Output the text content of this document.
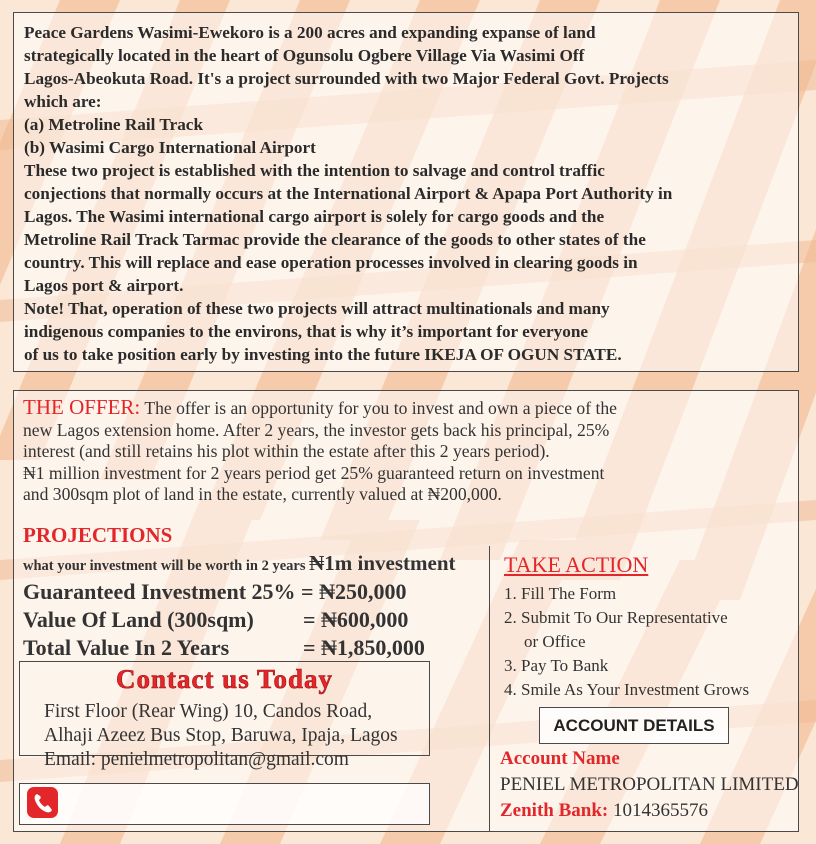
Peace Gardens Wasimi-Ewekoro is a 200 acres and expanding expanse of land

strategically located in the heart of Ogunsolu Ogbere Village Via Wasimi Off

Lagos-Abeokuta Road. It's a project surrounded with two Major Federal Govt. Projects

which are:

(a) Metroline Rail Track

(b) Wasimi Cargo International Airport

These two project is established with the intention to salvage and control traffic

conjections that normally occurs at the International Airport & Apapa Port Authority in

Lagos. The Wasimi international cargo airport is solely for cargo goods and the

Metroline Rail Track Tarmac provide the clearance of the goods to other states of the

country. This will replace and ease operation processes involved in clearing goods in

Lagos port & airport.

Note! That, operation of these two projects will attract multinationals and many

indigenous companies to the environs, that is why it’s important for everyone

of us to take position early by investing into the future IKEJA OF OGUN STATE.

THE OFFER: The offer is an opportunity for you to invest and own a piece of the
new Lagos extension home. After 2 years, the investor gets back his principal, 25%
interest (and still retains his plot within the estate after this 2 years period).
₦1 million investment for 2 years period get 25% guaranteed return on investment
and 300sqm plot of land in the estate, currently valued at ₦200,000.
PROJECTIONS
what your investment will be worth in 2 years ₦1m investment
Guaranteed Investment 25% = ₦250,000
Value Of Land (300sqm) = ₦600,000
Total Value In 2 Years	= ₦1,850,000
Contact us Today
First Floor (Rear Wing) 10, Candos Road,
Alhaji Azeez Bus Stop, Baruwa, Ipaja, Lagos
Email: penielmetropolitan@gmail.com
TAKE ACTION
1. Fill The Form
2. Submit To Our Representative
or Office
3. Pay To Bank
4. Smile As Your Investment Grows
ACCOUNT DETAILS
Account Name
PENIEL METROPOLITAN LIMITED
Zenith Bank: 1014365576
